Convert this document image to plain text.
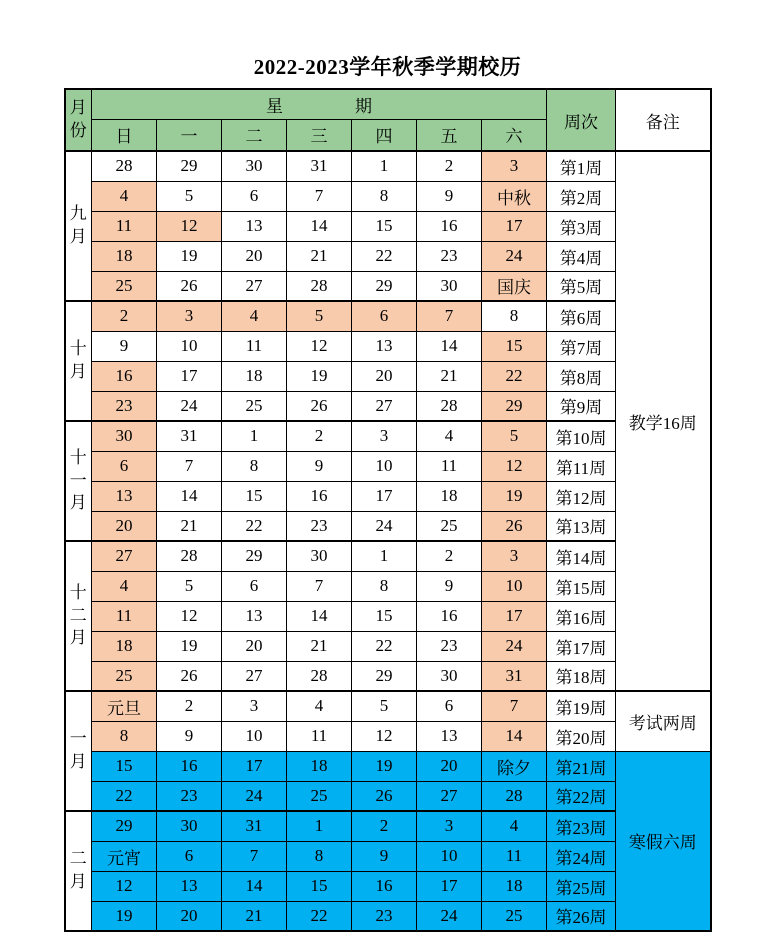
2022-2023学年秋季学期校历
月
份	星 期							周次	备注
	日	一	二	三	四	五	六		

九
月	28	29	30	31	1	2	3	第1周	教学16周
	4	5	6	7	8	9	中秋	第2周	
	11	12	13	14	15	16	17	第3周	
	18	19	20	21	22	23	24	第4周	
	25	26	27	28	29	30	国庆	第5周	

十
月	2	3	4	5	6	7	8	第6周	
	9	10	11	12	13	14	15	第7周	
	16	17	18	19	20	21	22	第8周	
	23	24	25	26	27	28	29	第9周	

十
一
月	30	31	1	2	3	4	5	第10周	
	6	7	8	9	10	11	12	第11周	
	13	14	15	16	17	18	19	第12周	
	20	21	22	23	24	25	26	第13周	

十
二
月	27	28	29	30	1	2	3	第14周	
	4	5	6	7	8	9	10	第15周	
	11	12	13	14	15	16	17	第16周	
	18	19	20	21	22	23	24	第17周	
	25	26	27	28	29	30	31	第18周	

一
月	元旦	2	3	4	5	6	7	第19周	考试两周
	8	9	10	11	12	13	14	第20周	
	15	16	17	18	19	20	除夕	第21周	寒假六周
	22	23	24	25	26	27	28	第22周	

二
月	29	30	31	1	2	3	4	第23周	
	元宵	6	7	8	9	10	11	第24周	
	12	13	14	15	16	17	18	第25周	
	19	20	21	22	23	24	25	第26周	
